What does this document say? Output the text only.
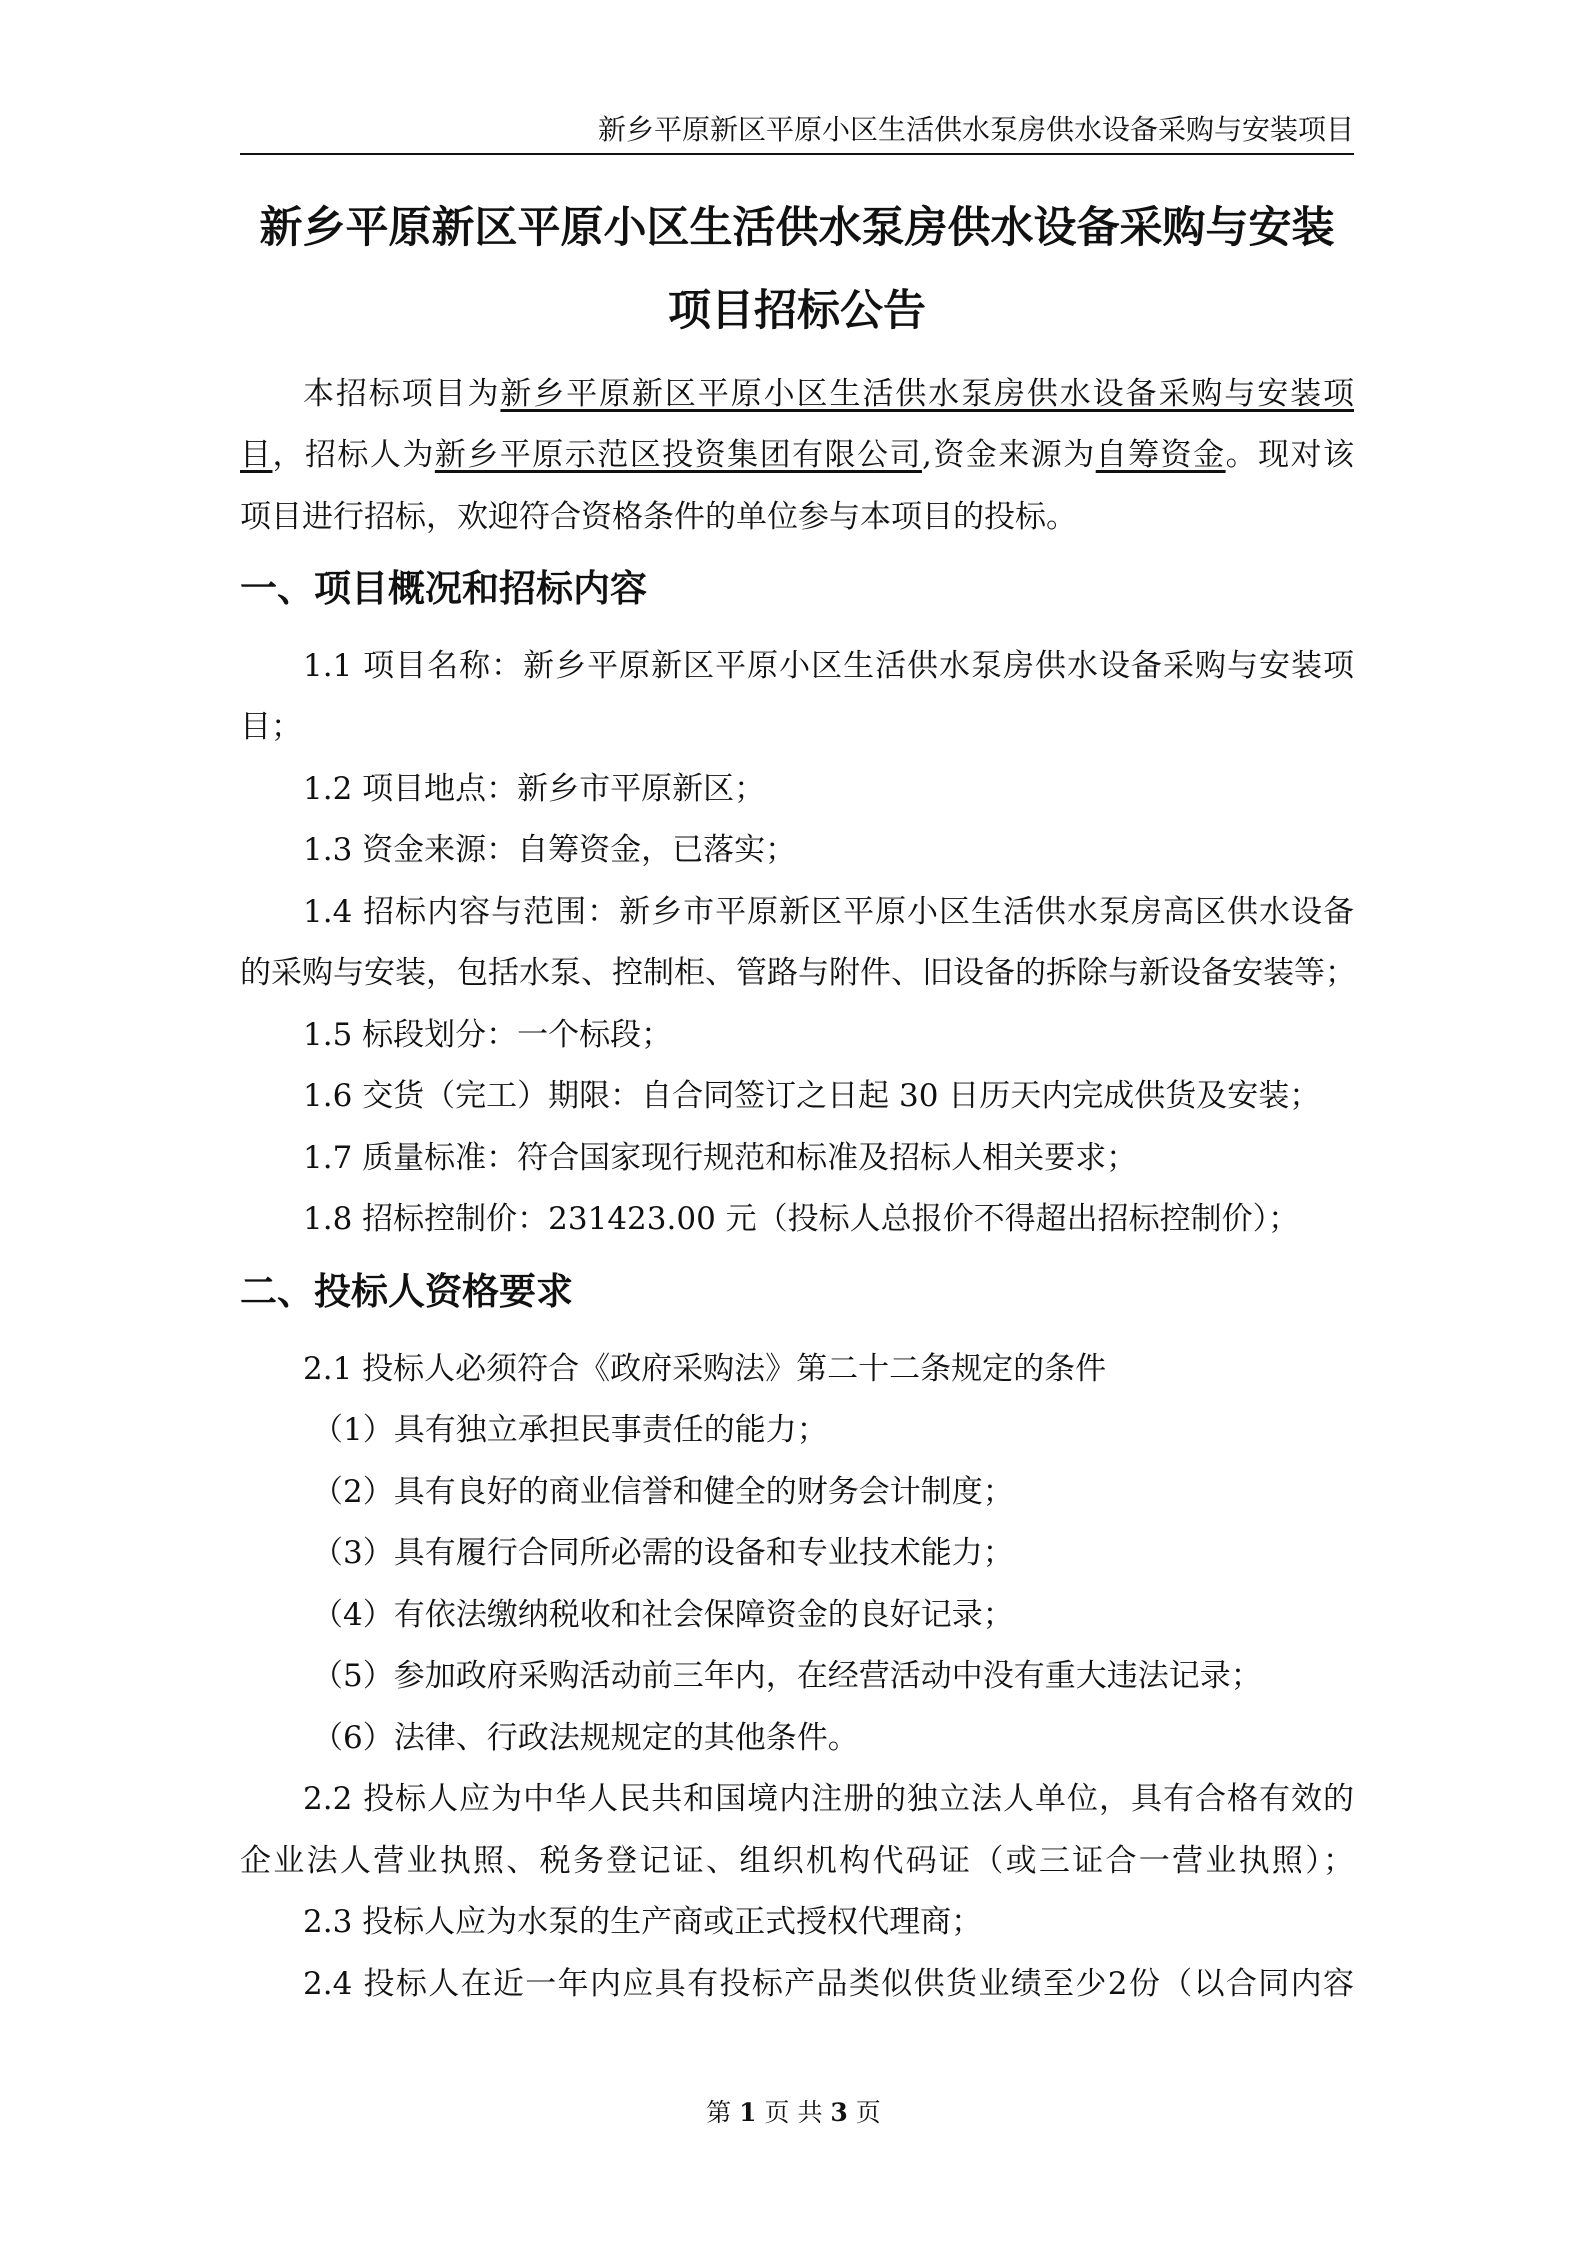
新乡平原新区平原小区生活供水泵房供水设备采购与安装项目
新乡平原新区平原小区生活供水泵房供水设备采购与安装
项目招标公告
本招标项目为新乡平原新区平原小区生活供水泵房供水设备采购与安装项
目，招标人为新乡平原示范区投资集团有限公司,资金来源为自筹资金。现对该
项目进行招标，欢迎符合资格条件的单位参与本项目的投标。
一、项目概况和招标内容
1.1 项目名称：新乡平原新区平原小区生活供水泵房供水设备采购与安装项
目；
1.2 项目地点：新乡市平原新区；
1.3 资金来源：自筹资金，已落实；
1.4 招标内容与范围：新乡市平原新区平原小区生活供水泵房高区供水设备
的采购与安装，包括水泵、控制柜、管路与附件、旧设备的拆除与新设备安装等；
1.5 标段划分：一个标段；
1.6 交货（完工）期限：自合同签订之日起 30 日历天内完成供货及安装；
1.7 质量标准：符合国家现行规范和标准及招标人相关要求；
1.8 招标控制价：231423.00 元（投标人总报价不得超出招标控制价）；
二、投标人资格要求
2.1 投标人必须符合《政府采购法》第二十二条规定的条件
（1）具有独立承担民事责任的能力；
（2）具有良好的商业信誉和健全的财务会计制度；
（3）具有履行合同所必需的设备和专业技术能力；
（4）有依法缴纳税收和社会保障资金的良好记录；
（5）参加政府采购活动前三年内，在经营活动中没有重大违法记录；
（6）法律、行政法规规定的其他条件。
2.2 投标人应为中华人民共和国境内注册的独立法人单位，具有合格有效的
企业法人营业执照、税务登记证、组织机构代码证（或三证合一营业执照）；
2.3 投标人应为水泵的生产商或正式授权代理商；
2.4 投标人在近一年内应具有投标产品类似供货业绩至少2份（以合同内容
第 1 页 共 3 页
